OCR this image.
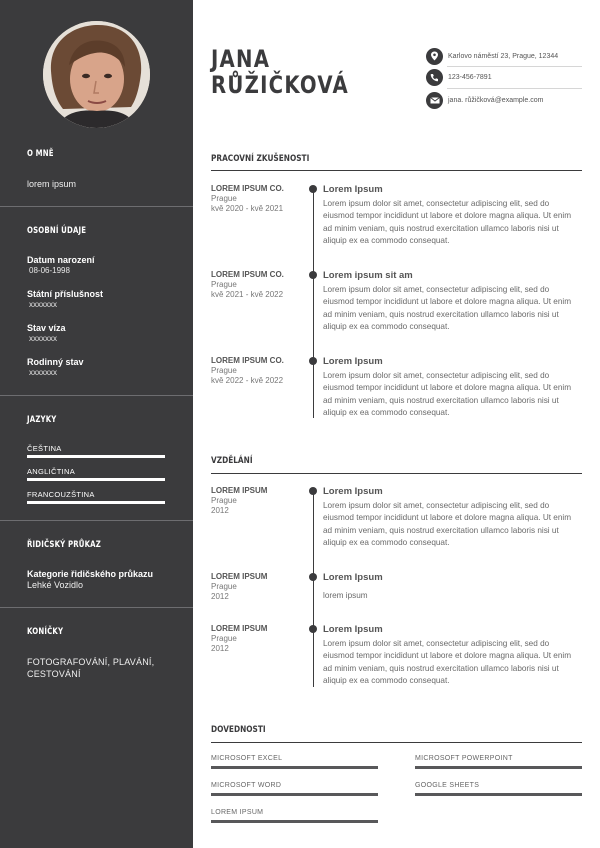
O MNĚ
lorem ipsum
OSOBNÍ ÚDAJE
Datum narození
08-06-1998
Státní příslušnost
xxxxxxx
Stav víza
xxxxxxx
Rodinný stav
xxxxxxx
JAZYKY
ČEŠTINA
ANGLIČTINA
FRANCOUZŠTINA
ŘIDIČSKÝ PRŮKAZ
Kategorie řidičského průkazu
Lehké Vozidlo
KONÍČKY
FOTOGRAFOVÁNÍ, PLAVÁNÍ, CESTOVÁNÍ
JANA
RŮŽIČKOVÁ
Karlovo náměstí 23, Prague, 12344
123-456-7891
jana. růžičková@example.com
PRACOVNÍ ZKUŠENOSTI
LOREM IPSUM CO.
Prague
kvě 2020 - kvě 2021
Lorem Ipsum
Lorem ipsum dolor sit amet, consectetur adipiscing elit, sed do eiusmod tempor incididunt ut labore et dolore magna aliqua. Ut enim ad minim veniam, quis nostrud exercitation ullamco laboris nisi ut aliquip ex ea commodo consequat.
LOREM IPSUM CO.
Prague
kvě 2021 - kvě 2022
Lorem ipsum sit am
Lorem ipsum dolor sit amet, consectetur adipiscing elit, sed do eiusmod tempor incididunt ut labore et dolore magna aliqua. Ut enim ad minim veniam, quis nostrud exercitation ullamco laboris nisi ut aliquip ex ea commodo consequat.
LOREM IPSUM CO.
Prague
kvě 2022 - kvě 2022
Lorem Ipsum
Lorem ipsum dolor sit amet, consectetur adipiscing elit, sed do eiusmod tempor incididunt ut labore et dolore magna aliqua. Ut enim ad minim veniam, quis nostrud exercitation ullamco laboris nisi ut aliquip ex ea commodo consequat.
VZDĚLÁNÍ
LOREM IPSUM
Prague
2012
Lorem Ipsum
Lorem ipsum dolor sit amet, consectetur adipiscing elit, sed do eiusmod tempor incididunt ut labore et dolore magna aliqua. Ut enim ad minim veniam, quis nostrud exercitation ullamco laboris nisi ut aliquip ex ea commodo consequat.
LOREM IPSUM
Prague
2012
Lorem Ipsum
lorem ipsum
LOREM IPSUM
Prague
2012
Lorem Ipsum
Lorem ipsum dolor sit amet, consectetur adipiscing elit, sed do eiusmod tempor incididunt ut labore et dolore magna aliqua. Ut enim ad minim veniam, quis nostrud exercitation ullamco laboris nisi ut aliquip ex ea commodo consequat.
DOVEDNOSTI
MICROSOFT EXCEL	MICROSOFT POWERPOINT
MICROSOFT WORD	GOOGLE SHEETS
LOREM IPSUM
